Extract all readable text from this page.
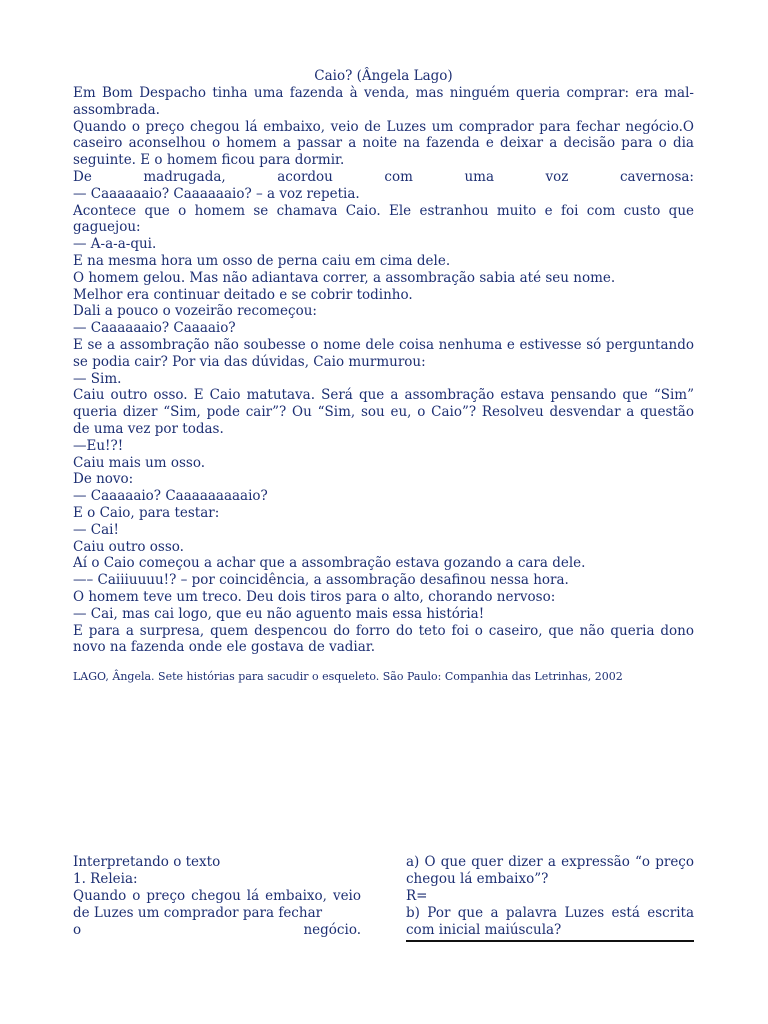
Caio? (Ângela Lago)

Em Bom Despacho tinha uma fazenda à venda, mas ninguém queria comprar: era mal-assombrada.

Quando o preço chegou lá embaixo, veio de Luzes um comprador para fechar negócio.O caseiro aconselhou o homem a passar a noite na fazenda e deixar a decisão para o dia seguinte. E o homem ficou para dormir.

De madrugada, acordou com uma voz cavernosa:

— Caaaaaaio? Caaaaaaio? – a voz repetia.

Acontece que o homem se chamava Caio. Ele estranhou muito e foi com custo que gaguejou:

— A-a-a-qui.

E na mesma hora um osso de perna caiu em cima dele.

O homem gelou. Mas não adiantava correr, a assombração sabia até seu nome.

Melhor era continuar deitado e se cobrir todinho.

Dali a pouco o vozeirão recomeçou:

— Caaaaaaio? Caaaaio?

E se a assombração não soubesse o nome dele coisa nenhuma e estivesse só perguntando se podia cair? Por via das dúvidas, Caio murmurou:

— Sim.

Caiu outro osso. E Caio matutava. Será que a assombração estava pensando que “Sim” queria dizer “Sim, pode cair”? Ou “Sim, sou eu, o Caio”? Resolveu desvendar a questão de uma vez por todas.

—Eu!?!

Caiu mais um osso.

De novo:

— Caaaaaio? Caaaaaaaaaio?

E o Caio, para testar:

— Cai!

Caiu outro osso.

Aí o Caio começou a achar que a assombração estava gozando a cara dele.

—– Caiiiuuuu!? – por coincidência, a assombração desafinou nessa hora.

O homem teve um treco. Deu dois tiros para o alto, chorando nervoso:

— Cai, mas cai logo, que eu não aguento mais essa história!

E para a surpresa, quem despencou do forro do teto foi o caseiro, que não queria dono novo na fazenda onde ele gostava de vadiar.

LAGO, Ângela. Sete histórias para sacudir o esqueleto. São Paulo: Companhia das Letrinhas, 2002

Interpretando o texto

1. Releia:

Quando o preço chegou lá embaixo, veio de Luzes um comprador para fechar

o negócio.

a) O que quer dizer a expressão “o preço chegou lá embaixo”?

R=

b) Por que a palavra Luzes está escrita com inicial maiúscula?
